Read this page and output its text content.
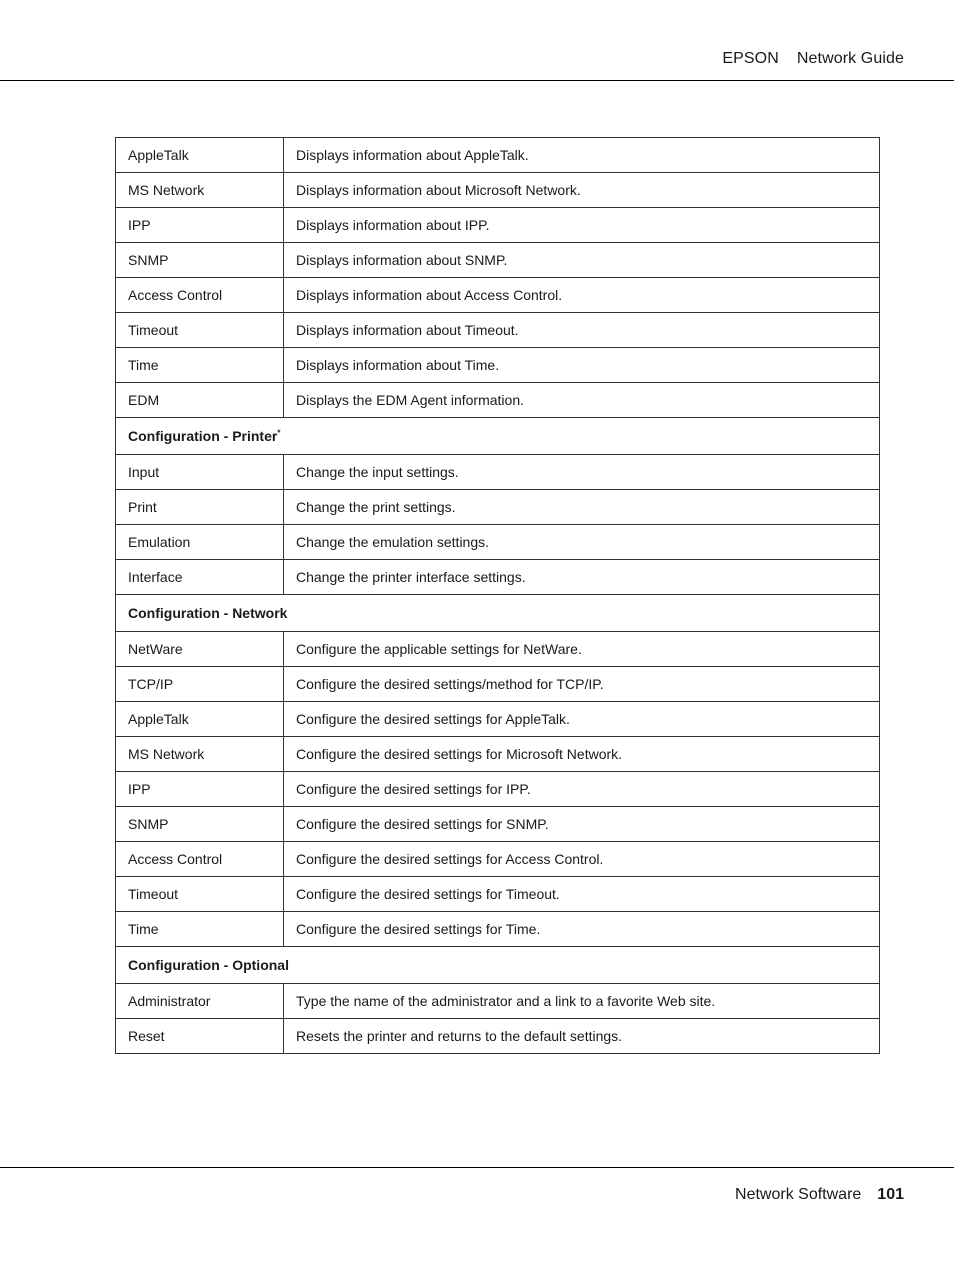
EPSON Network Guide
AppleTalk	Displays information about AppleTalk.
MS Network	Displays information about Microsoft Network.
IPP	Displays information about IPP.
SNMP	Displays information about SNMP.
Access Control	Displays information about Access Control.
Timeout	Displays information about Timeout.
Time	Displays information about Time.
EDM	Displays the EDM Agent information.
Configuration - Printer*
Input	Change the input settings.
Print	Change the print settings.
Emulation	Change the emulation settings.
Interface	Change the printer interface settings.
Configuration - Network	
NetWare	Configure the applicable settings for NetWare.
TCP/IP	Configure the desired settings/method for TCP/IP.
AppleTalk	Configure the desired settings for AppleTalk.
MS Network	Configure the desired settings for Microsoft Network.
IPP	Configure the desired settings for IPP.
SNMP	Configure the desired settings for SNMP.
Access Control	Configure the desired settings for Access Control.
Timeout	Configure the desired settings for Timeout.
Time	Configure the desired settings for Time.
Configuration - Optional	
Administrator	Type the name of the administrator and a link to a favorite Web site.
Reset	Resets the printer and returns to the default settings.
Network Software 101
